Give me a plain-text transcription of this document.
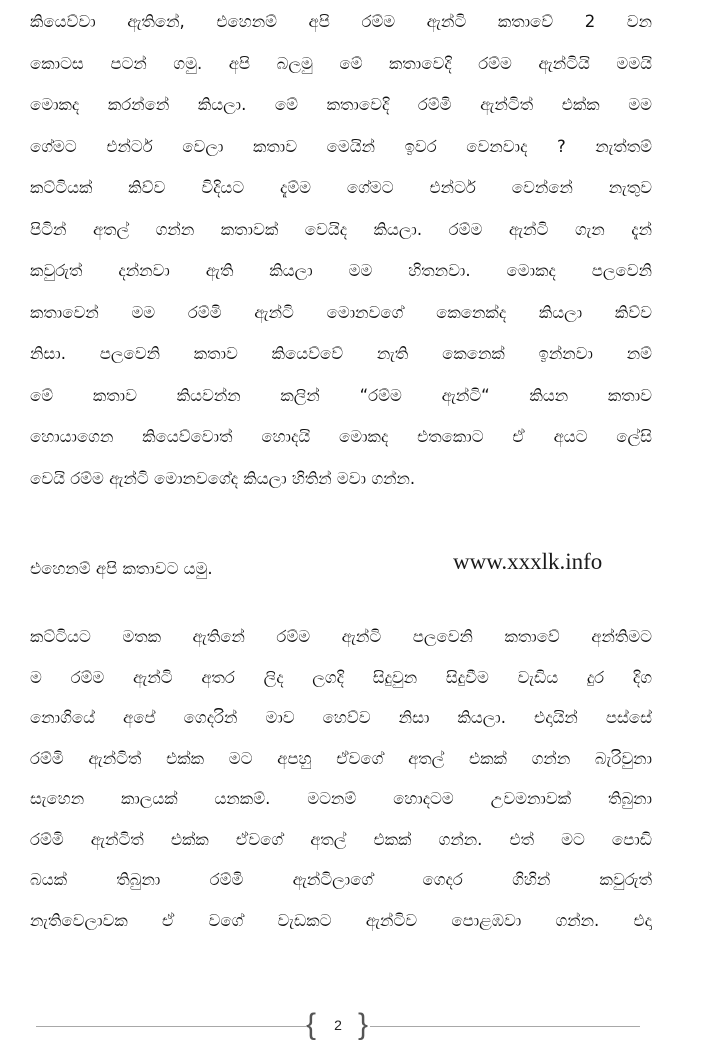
කියෙව්වා ඇතිනේ, එහෙනම් අපි රම්ම ඇන්ටි කතාවේ 2 වන
කොටස පටන් ගමු. අපි බලමු මේ කතාවෙදි රම්ම ඇන්ටියි මමයි
මොකද කරන්නේ කියලා. මේ කතාවෙදි රම්මි ඇන්ටිත් එක්ක මම
ගේමට එන්ටර් වෙලා කතාව මෙයින් ඉවර වෙනවාද ? නැත්තම්
කට්ටියක් කිව්ව විදියට දැම්ම ගේමට එන්ටර් වෙන්නේ නැතුව
පිටින් අතල් ගන්න කතාවක් වෙයිද කියලා. රම්ම ඇන්ටි ගැන දැන්
කවුරුත් දන්නවා ඇති කියලා මම හිතනවා. මොකද පලවෙනි
කතාවෙන් මම රම්මි ඇන්ටි මොනවගේ කෙනෙක්ද කියලා කිව්ව
නිසා. පලවෙනි කතාව කියෙව්වේ නැති කෙනෙක් ඉන්නවා නම්
මේ කතාව කියවන්න කලින් “රම්ම ඇන්ටි“ කියන කතාව
හොයාගෙන කියෙව්වොත් හොදයි මොකද එතකොට ඒ අයට ලේසි
වෙයි රම්ම ඇන්ටි මොනවගේද කියලා හිතින් මවා ගන්න.
එහෙනම් අපි කතාවට යමු.	www.xxxlk.info
කට්ටියට මතක ඇතිනේ රම්ම ඇන්ටි පලවෙනි කතාවේ අන්තිමට
ම රම්ම ඇන්ටි අතර ලිද ලගදි සිදුවුන සිදුවීම වැඩිය දුර දිග
නොගියේ අපේ ගෙදරින් මාව හෙව්ව නිසා කියලා. එදායින් පස්සේ
රම්මි ඇන්ටිත් එක්ක මට අපහු ඒවගේ අතල් එකක් ගන්න බැරිවුනා
සැහෙන කාලයක් යනකම්. මටනම් හොදටම උවමනාවක් තිබුනා
රම්මි ඇන්ටිත් එක්ක ඒවගේ අතල් එකක් ගන්න. එත් මට පොඩි
බයක් තිබුනා රම්මි ඇන්ටිලාගේ ගෙදර ගිහින් කවුරුත්
නැතිවෙලාවක ඒ වගේ වැඩකට ඇන්ටිව පොළඹවා ගන්න. එදා
{	2 }
